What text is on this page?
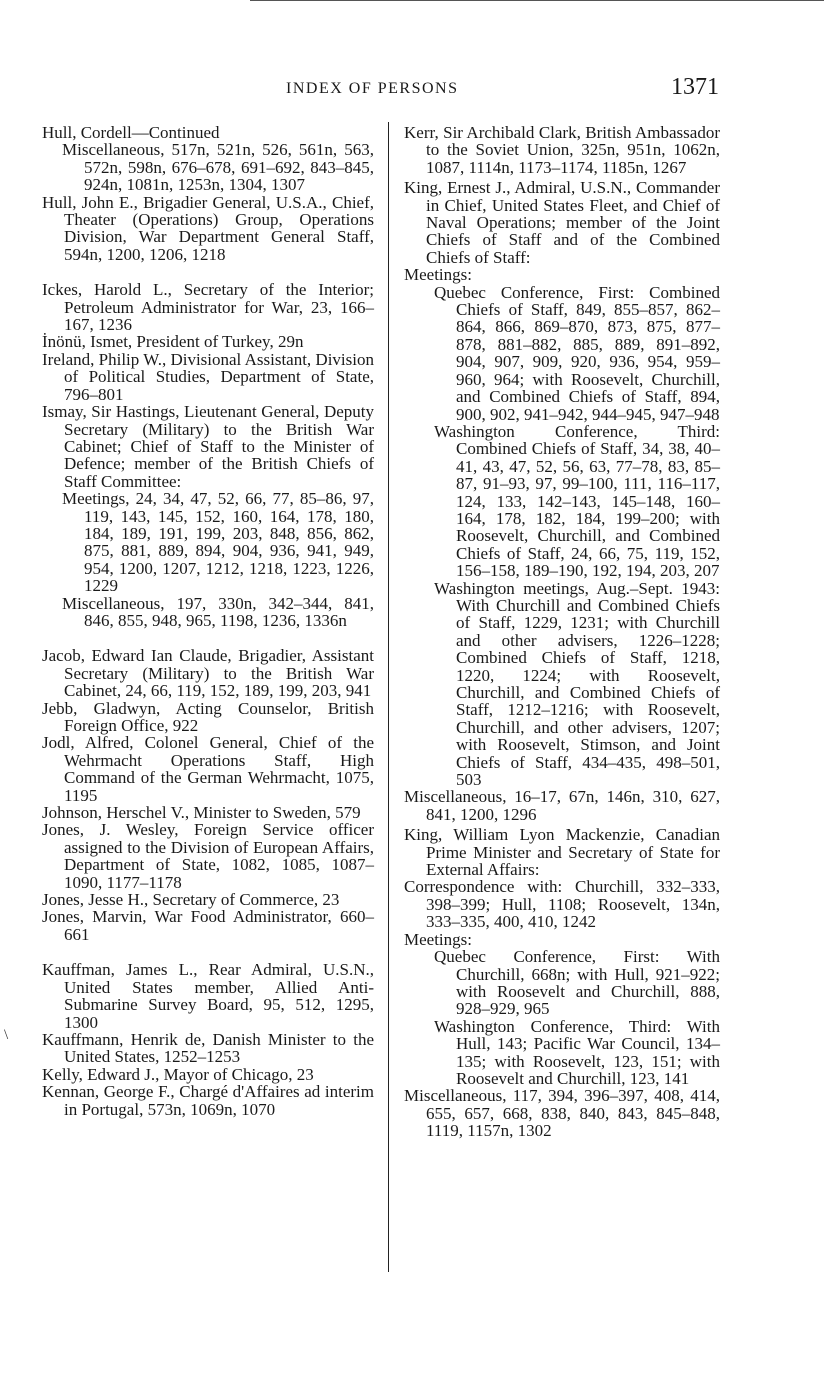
INDEX OF PERSONS	1371
Hull, Cordell—Continued
Miscellaneous, 517n, 521n, 526, 561n, 563, 572n, 598n, 676–678, 691–692, 843–845, 924n, 1081n, 1253n, 1304, 1307
Hull, John E., Brigadier General, U.S.A., Chief, Theater (Operations) Group, Operations Division, War Department General Staff, 594n, 1200, 1206, 1218
Ickes, Harold L., Secretary of the Interior; Petroleum Administrator for War, 23, 166–167, 1236
İnönü, Ismet, President of Turkey, 29n
Ireland, Philip W., Divisional Assistant, Division of Political Studies, Department of State, 796–801
Ismay, Sir Hastings, Lieutenant General, Deputy Secretary (Military) to the British War Cabinet; Chief of Staff to the Minister of Defence; member of the British Chiefs of Staff Committee:
Meetings, 24, 34, 47, 52, 66, 77, 85–86, 97, 119, 143, 145, 152, 160, 164, 178, 180, 184, 189, 191, 199, 203, 848, 856, 862, 875, 881, 889, 894, 904, 936, 941, 949, 954, 1200, 1207, 1212, 1218, 1223, 1226, 1229
Miscellaneous, 197, 330n, 342–344, 841, 846, 855, 948, 965, 1198, 1236, 1336n
Jacob, Edward Ian Claude, Brigadier, Assistant Secretary (Military) to the British War Cabinet, 24, 66, 119, 152, 189, 199, 203, 941
Jebb, Gladwyn, Acting Counselor, British Foreign Office, 922
Jodl, Alfred, Colonel General, Chief of the Wehrmacht Operations Staff, High Command of the German Wehrmacht, 1075, 1195
Johnson, Herschel V., Minister to Sweden, 579
Jones, J. Wesley, Foreign Service officer assigned to the Division of European Affairs, Department of State, 1082, 1085, 1087–1090, 1177–1178
Jones, Jesse H., Secretary of Commerce, 23
Jones, Marvin, War Food Administrator, 660–661
Kauffman, James L., Rear Admiral, U.S.N., United States member, Allied Anti-Submarine Survey Board, 95, 512, 1295, 1300
Kauffmann, Henrik de, Danish Minister to the United States, 1252–1253
Kelly, Edward J., Mayor of Chicago, 23
Kennan, George F., Chargé d'Affaires ad interim in Portugal, 573n, 1069n, 1070
Kerr, Sir Archibald Clark, British Ambassador to the Soviet Union, 325n, 951n, 1062n, 1087, 1114n, 1173–1174, 1185n, 1267
King, Ernest J., Admiral, U.S.N., Commander in Chief, United States Fleet, and Chief of Naval Operations; member of the Joint Chiefs of Staff and of the Combined Chiefs of Staff:
Meetings:
Quebec Conference, First: Combined Chiefs of Staff, 849, 855–857, 862–864, 866, 869–870, 873, 875, 877–878, 881–882, 885, 889, 891–892, 904, 907, 909, 920, 936, 954, 959–960, 964; with Roosevelt, Churchill, and Combined Chiefs of Staff, 894, 900, 902, 941–942, 944–945, 947–948
Washington Conference, Third: Combined Chiefs of Staff, 34, 38, 40–41, 43, 47, 52, 56, 63, 77–78, 83, 85–87, 91–93, 97, 99–100, 111, 116–117, 124, 133, 142–143, 145–148, 160–164, 178, 182, 184, 199–200; with Roosevelt, Churchill, and Combined Chiefs of Staff, 24, 66, 75, 119, 152, 156–158, 189–190, 192, 194, 203, 207
Washington meetings, Aug.–Sept. 1943: With Churchill and Combined Chiefs of Staff, 1229, 1231; with Churchill and other advisers, 1226–1228; Combined Chiefs of Staff, 1218, 1220, 1224; with Roosevelt, Churchill, and Combined Chiefs of Staff, 1212–1216; with Roosevelt, Churchill, and other advisers, 1207; with Roosevelt, Stimson, and Joint Chiefs of Staff, 434–435, 498–501, 503
Miscellaneous, 16–17, 67n, 146n, 310, 627, 841, 1200, 1296
King, William Lyon Mackenzie, Canadian Prime Minister and Secretary of State for External Affairs:
Correspondence with: Churchill, 332–333, 398–399; Hull, 1108; Roosevelt, 134n, 333–335, 400, 410, 1242
Meetings:
Quebec Conference, First: With Churchill, 668n; with Hull, 921–922; with Roosevelt and Churchill, 888, 928–929, 965
Washington Conference, Third: With Hull, 143; Pacific War Council, 134–135; with Roosevelt, 123, 151; with Roosevelt and Churchill, 123, 141
Miscellaneous, 117, 394, 396–397, 408, 414, 655, 657, 668, 838, 840, 843, 845–848, 1119, 1157n, 1302
\
